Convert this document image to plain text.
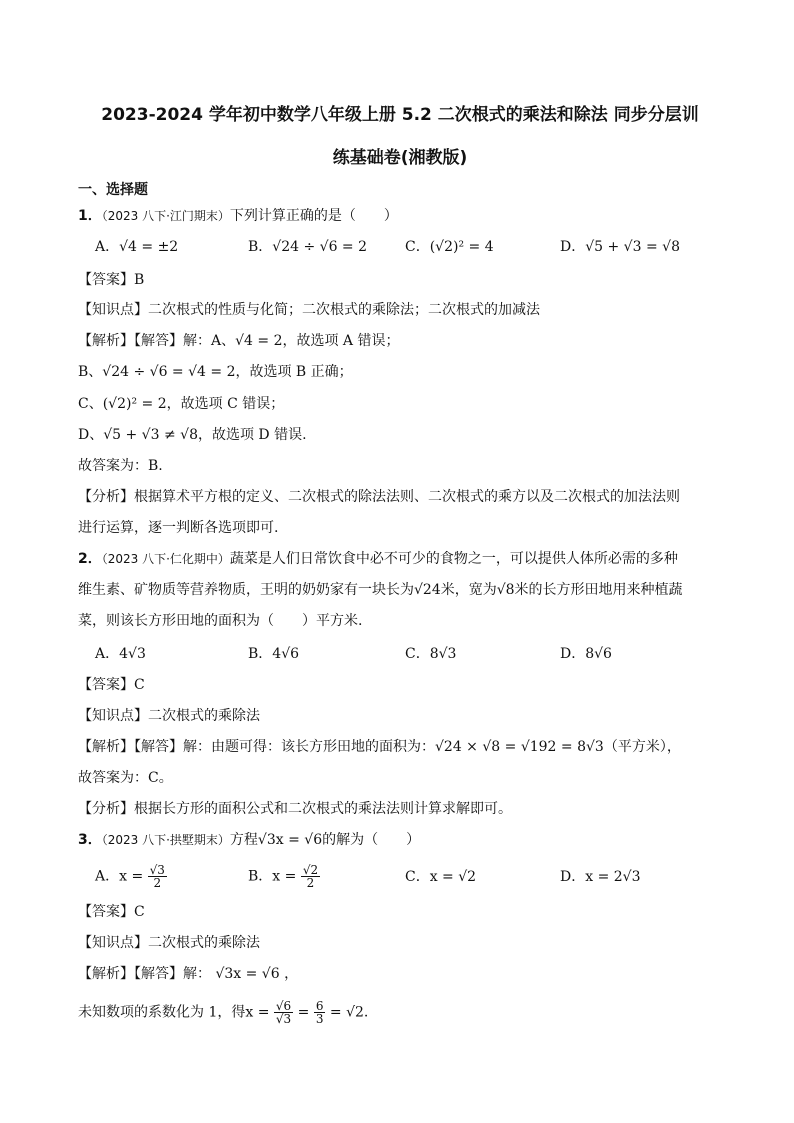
2023-2024 学年初中数学八年级上册 5.2 二次根式的乘法和除法 同步分层训
练基础卷(湘教版)
一、选择题
1．（2023 八下·江门期末）下列计算正确的是（　　）
A．√4 = ±2	B．√24 ÷ √6 = 2	C．(√2)² = 4	D．√5 + √3 = √8
【答案】B
【知识点】二次根式的性质与化简；二次根式的乘除法；二次根式的加减法
【解析】【解答】解：A、√4 = 2，故选项 A 错误；
B、√24 ÷ √6 = √4 = 2，故选项 B 正确；
C、(√2)² = 2，故选项 C 错误；
D、√5 + √3 ≠ √8，故选项 D 错误.
故答案为：B.
【分析】根据算术平方根的定义、二次根式的除法法则、二次根式的乘方以及二次根式的加法法则
进行运算，逐一判断各选项即可.
2．（2023 八下·仁化期中）蔬菜是人们日常饮食中必不可少的食物之一，可以提供人体所必需的多种
维生素、矿物质等营养物质，王明的奶奶家有一块长为√24米，宽为√8米的长方形田地用来种植蔬
菜，则该长方形田地的面积为（　　）平方米.
A．4√3	B．4√6	C．8√3	D．8√6
【答案】C
【知识点】二次根式的乘除法
【解析】【解答】解：由题可得：该长方形田地的面积为：√24 × √8 = √192 = 8√3（平方米），
故答案为：C。
【分析】根据长方形的面积公式和二次根式的乘法法则计算求解即可。
3．（2023 八下·拱墅期末）方程√3x = √6的解为（　　）
A．$x = \frac{√3}{2}$	B．$x = \frac{√2}{2}$	C．x = √2	D．x = 2√3
【答案】C
【知识点】二次根式的乘除法
【解析】【解答】解： √3x = √6 ，
未知数项的系数化为 1，得$x = \frac{√6}{√3} = \frac{6}{3} = √2$.
